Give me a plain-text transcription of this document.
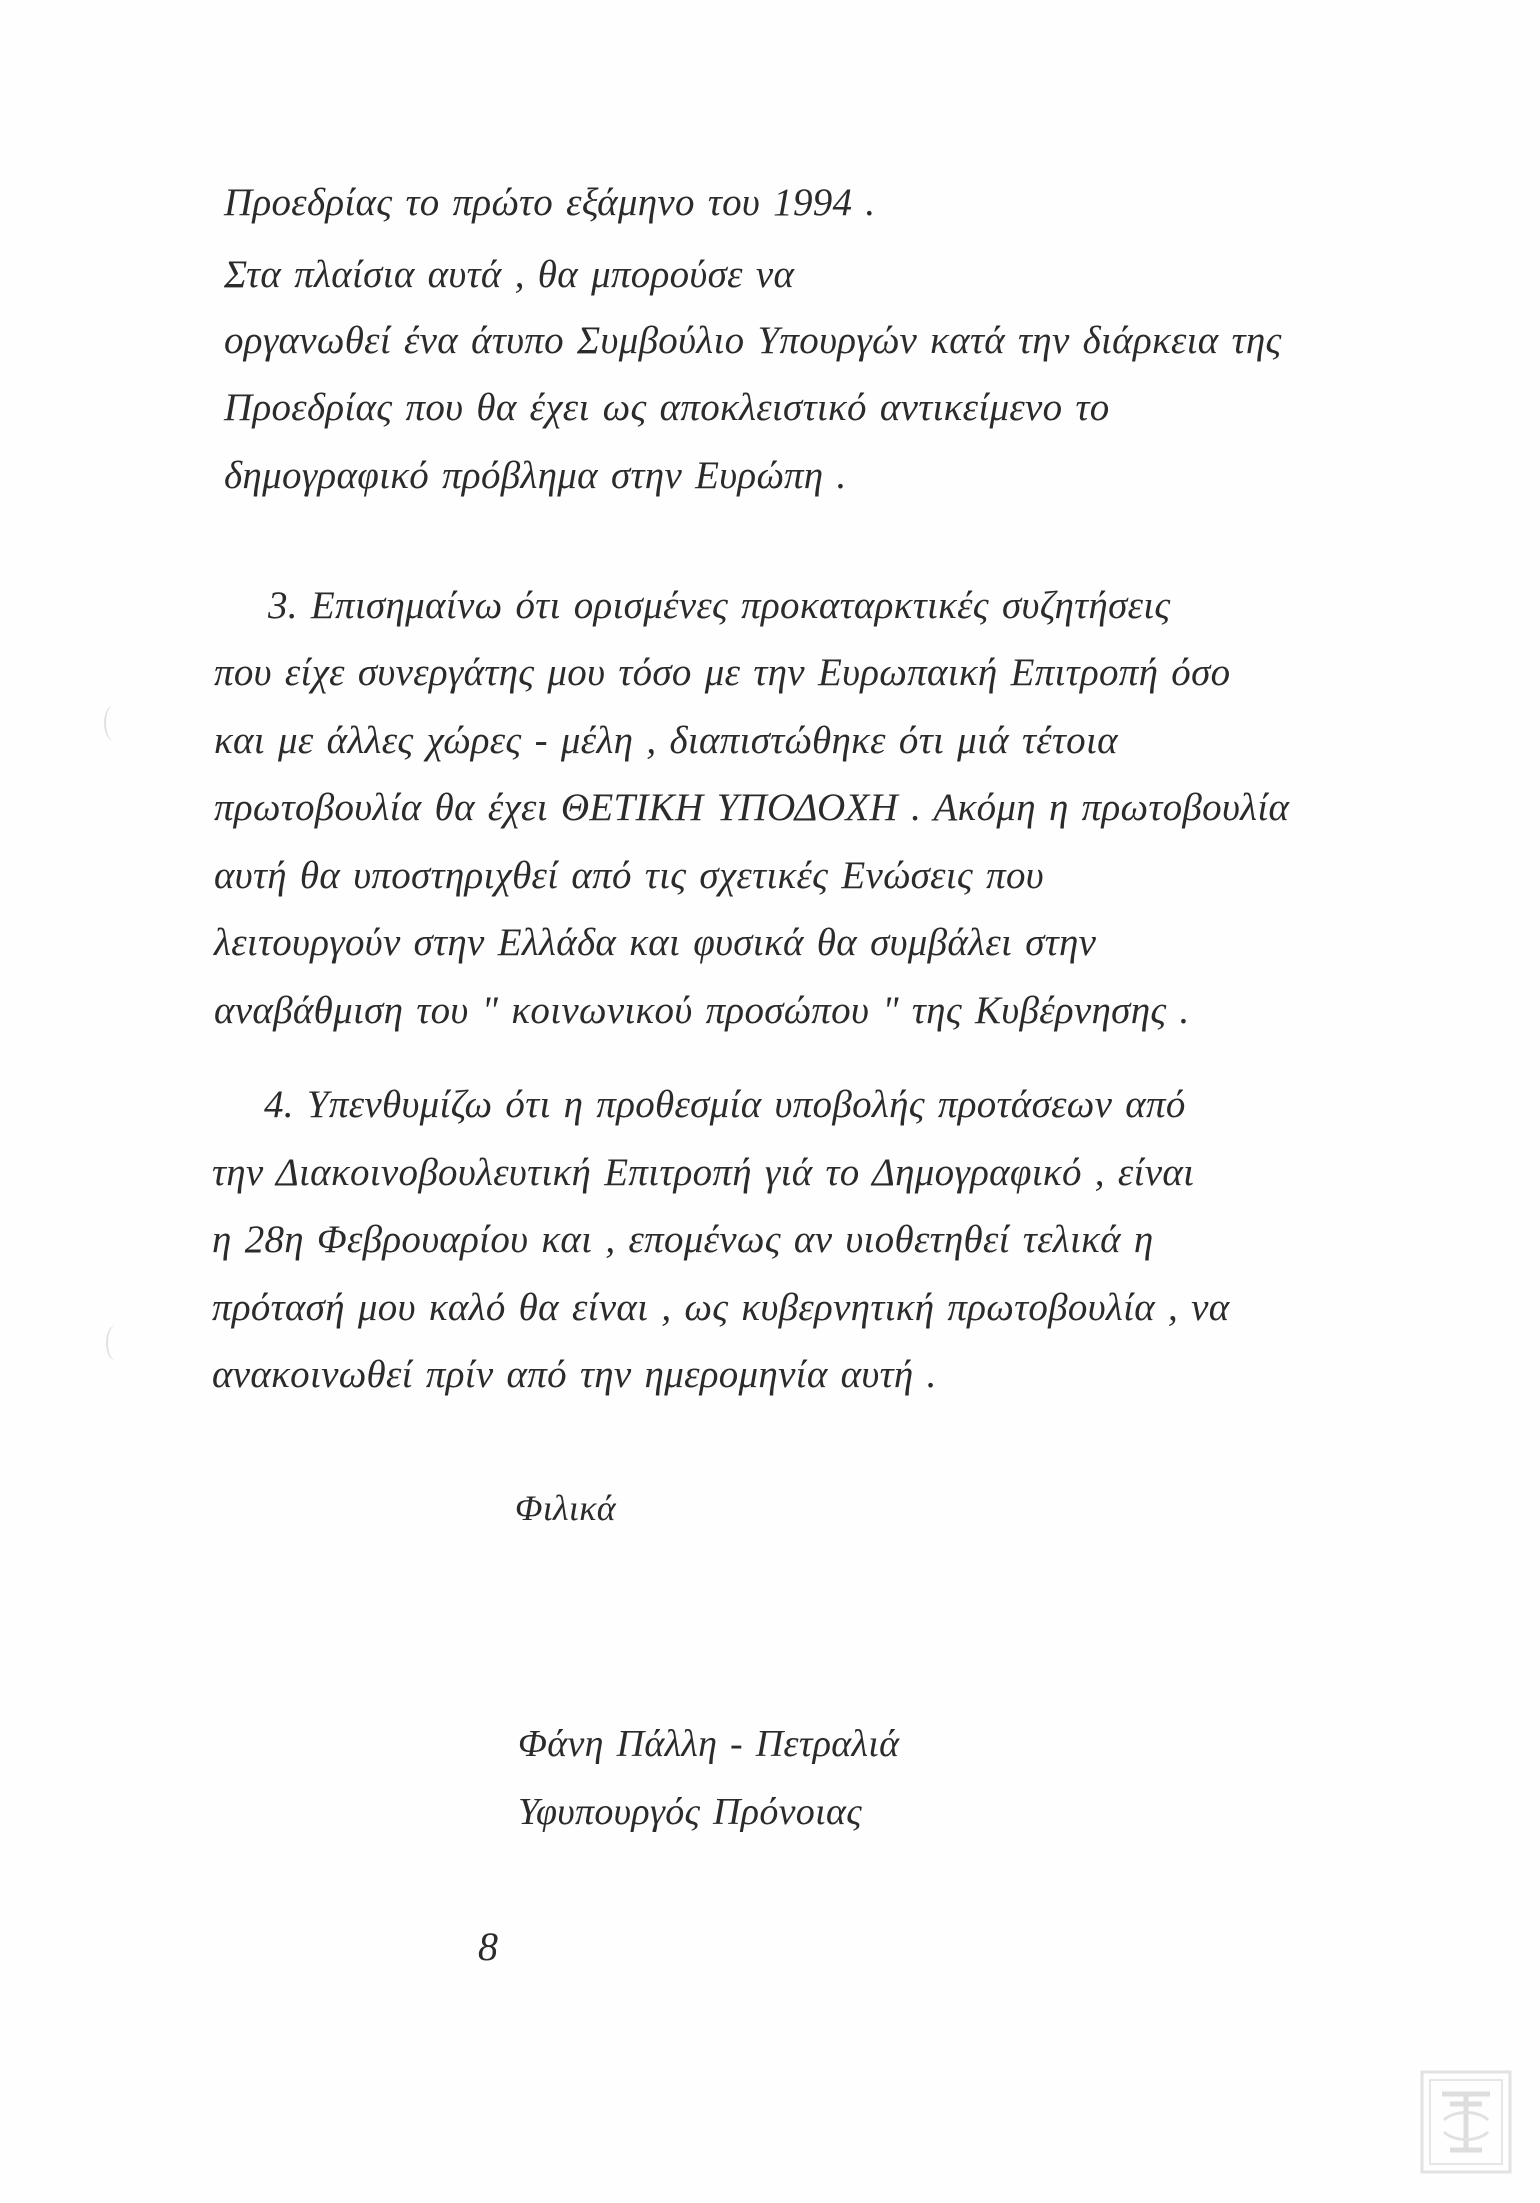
Προεδρίας το πρώτο εξάμηνο του 1994 .
Στα πλαίσια αυτά , θα μπορούσε να
οργανωθεί ένα άτυπο Συμβούλιο Υπουργών κατά την διάρκεια της
Προεδρίας που θα έχει ως αποκλειστικό αντικείμενο το
δημογραφικό πρόβλημα στην Ευρώπη .
3. Επισημαίνω ότι ορισμένες προκαταρκτικές συζητήσεις
που είχε συνεργάτης μου τόσο με την Ευρωπαική Επιτροπή όσο
και με άλλες χώρες - μέλη , διαπιστώθηκε ότι μιά τέτοια
πρωτοβουλία θα έχει ΘΕΤΙΚΗ ΥΠΟΔΟΧΗ . Ακόμη η πρωτοβουλία
αυτή θα υποστηριχθεί από τις σχετικές Ενώσεις που
λειτουργούν στην Ελλάδα και φυσικά θα συμβάλει στην
αναβάθμιση του " κοινωνικού προσώπου " της Κυβέρνησης .
4. Υπενθυμίζω ότι η προθεσμία υποβολής προτάσεων από
την Διακοινοβουλευτική Επιτροπή γιά το Δημογραφικό , είναι
η 28η Φεβρουαρίου και , επομένως αν υιοθετηθεί τελικά η
πρότασή μου καλό θα είναι , ως κυβερνητική πρωτοβουλία , να
ανακοινωθεί πρίν από την ημερομηνία αυτή .
Φιλικά
Φάνη Πάλλη - Πετραλιά
Υφυπουργός Πρόνοιας
8
